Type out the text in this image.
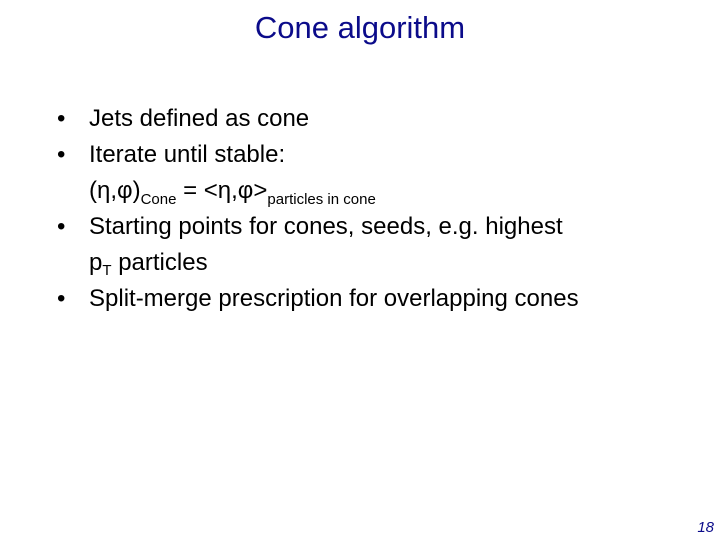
Cone algorithm
• Jets defined as cone
• Iterate until stable:
$(\eta,\varphi)_{Cone} = <\eta,\varphi>_{particles in cone}$
• Starting points for cones, seeds, e.g. highest
$p_T$ particles
• Split-merge prescription for overlapping cones
18
